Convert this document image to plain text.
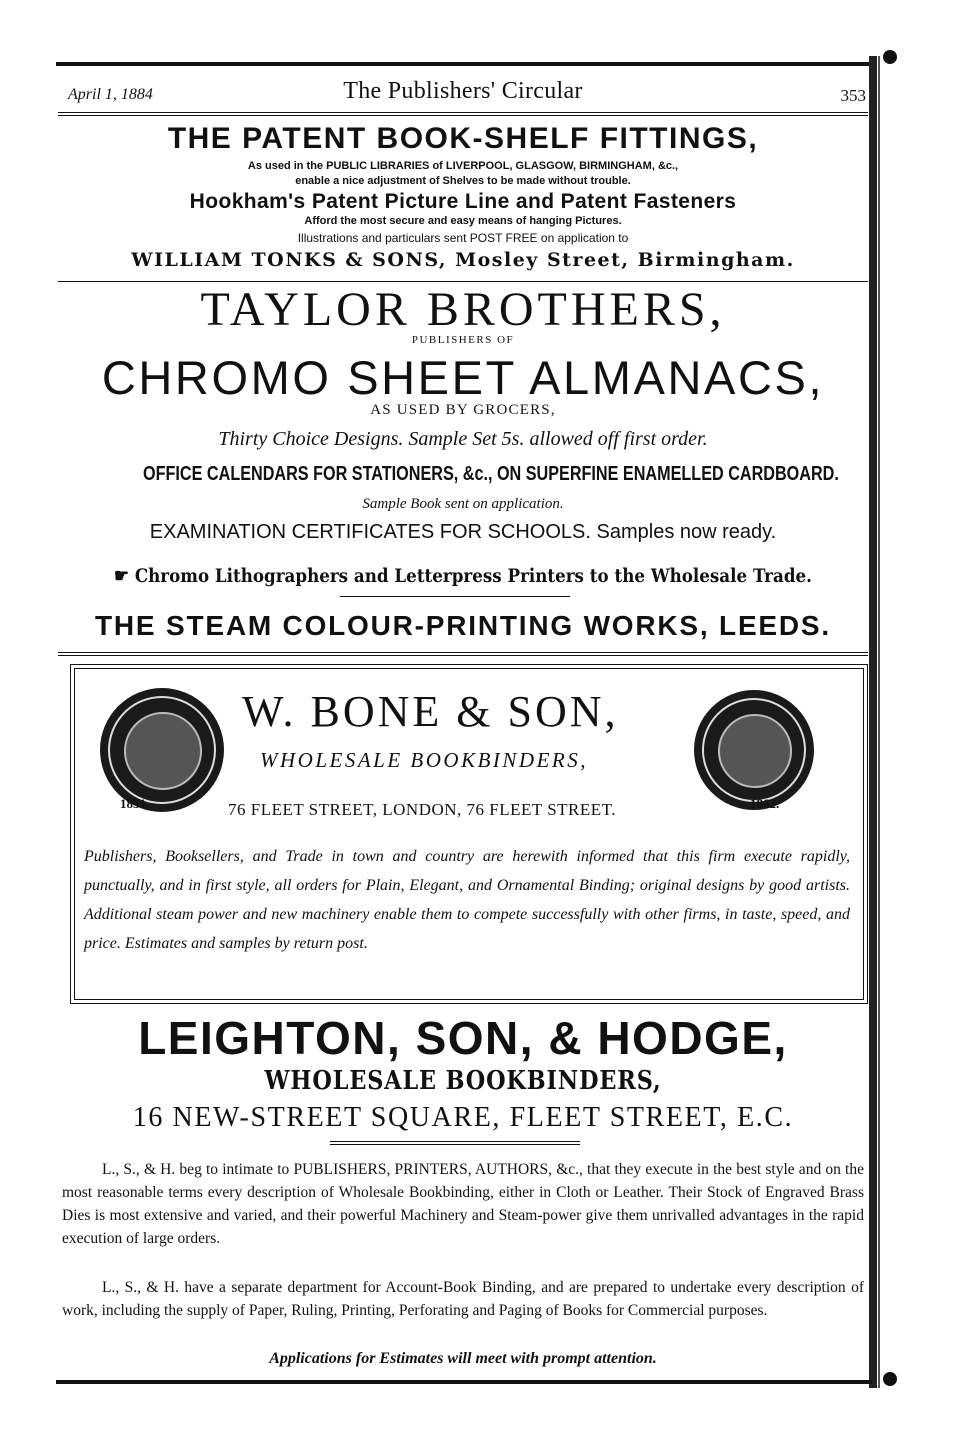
April 1, 1884	The Publishers' Circular	353
THE PATENT BOOK-SHELF FITTINGS,
As used in the PUBLIC LIBRARIES of LIVERPOOL, GLASGOW, BIRMINGHAM, &c.,
enable a nice adjustment of Shelves to be made without trouble.
Hookham's Patent Picture Line and Patent Fasteners
Afford the most secure and easy means of hanging Pictures.
Illustrations and particulars sent POST FREE on application to
WILLIAM TONKS & SONS, Mosley Street, Birmingham.
TAYLOR BROTHERS,
PUBLISHERS OF
CHROMO SHEET ALMANACS,
AS USED BY GROCERS,
Thirty Choice Designs. Sample Set 5s. allowed off first order.
OFFICE CALENDARS FOR STATIONERS, &c., ON SUPERFINE ENAMELLED CARDBOARD.
Sample Book sent on application.
EXAMINATION CERTIFICATES FOR SCHOOLS. Samples now ready.
☛ Chromo Lithographers and Letterpress Printers to the Wholesale Trade.
THE STEAM COLOUR-PRINTING WORKS, LEEDS.
W. BONE & SON,
WHOLESALE BOOKBINDERS,
1851.	76 FLEET STREET, LONDON, 76 FLEET STREET.	1862.
Publishers, Booksellers, and Trade in town and country are herewith informed that this firm execute rapidly, punctually, and in first style, all orders for Plain, Elegant, and Ornamental Binding; original designs by good artists. Additional steam power and new machinery enable them to compete successfully with other firms, in taste, speed, and price. Estimates and samples by return post.
LEIGHTON, SON, & HODGE,
WHOLESALE BOOKBINDERS,
16 NEW-STREET SQUARE, FLEET STREET, E.C.
L., S., & H. beg to intimate to PUBLISHERS, PRINTERS, AUTHORS, &c., that they execute in the best style and on the most reasonable terms every description of Wholesale Bookbinding, either in Cloth or Leather. Their Stock of Engraved Brass Dies is most extensive and varied, and their powerful Machinery and Steam-power give them unrivalled advantages in the rapid execution of large orders.
L., S., & H. have a separate department for Account-Book Binding, and are prepared to undertake every description of work, including the supply of Paper, Ruling, Printing, Perforating and Paging of Books for Commercial purposes.
Applications for Estimates will meet with prompt attention.
